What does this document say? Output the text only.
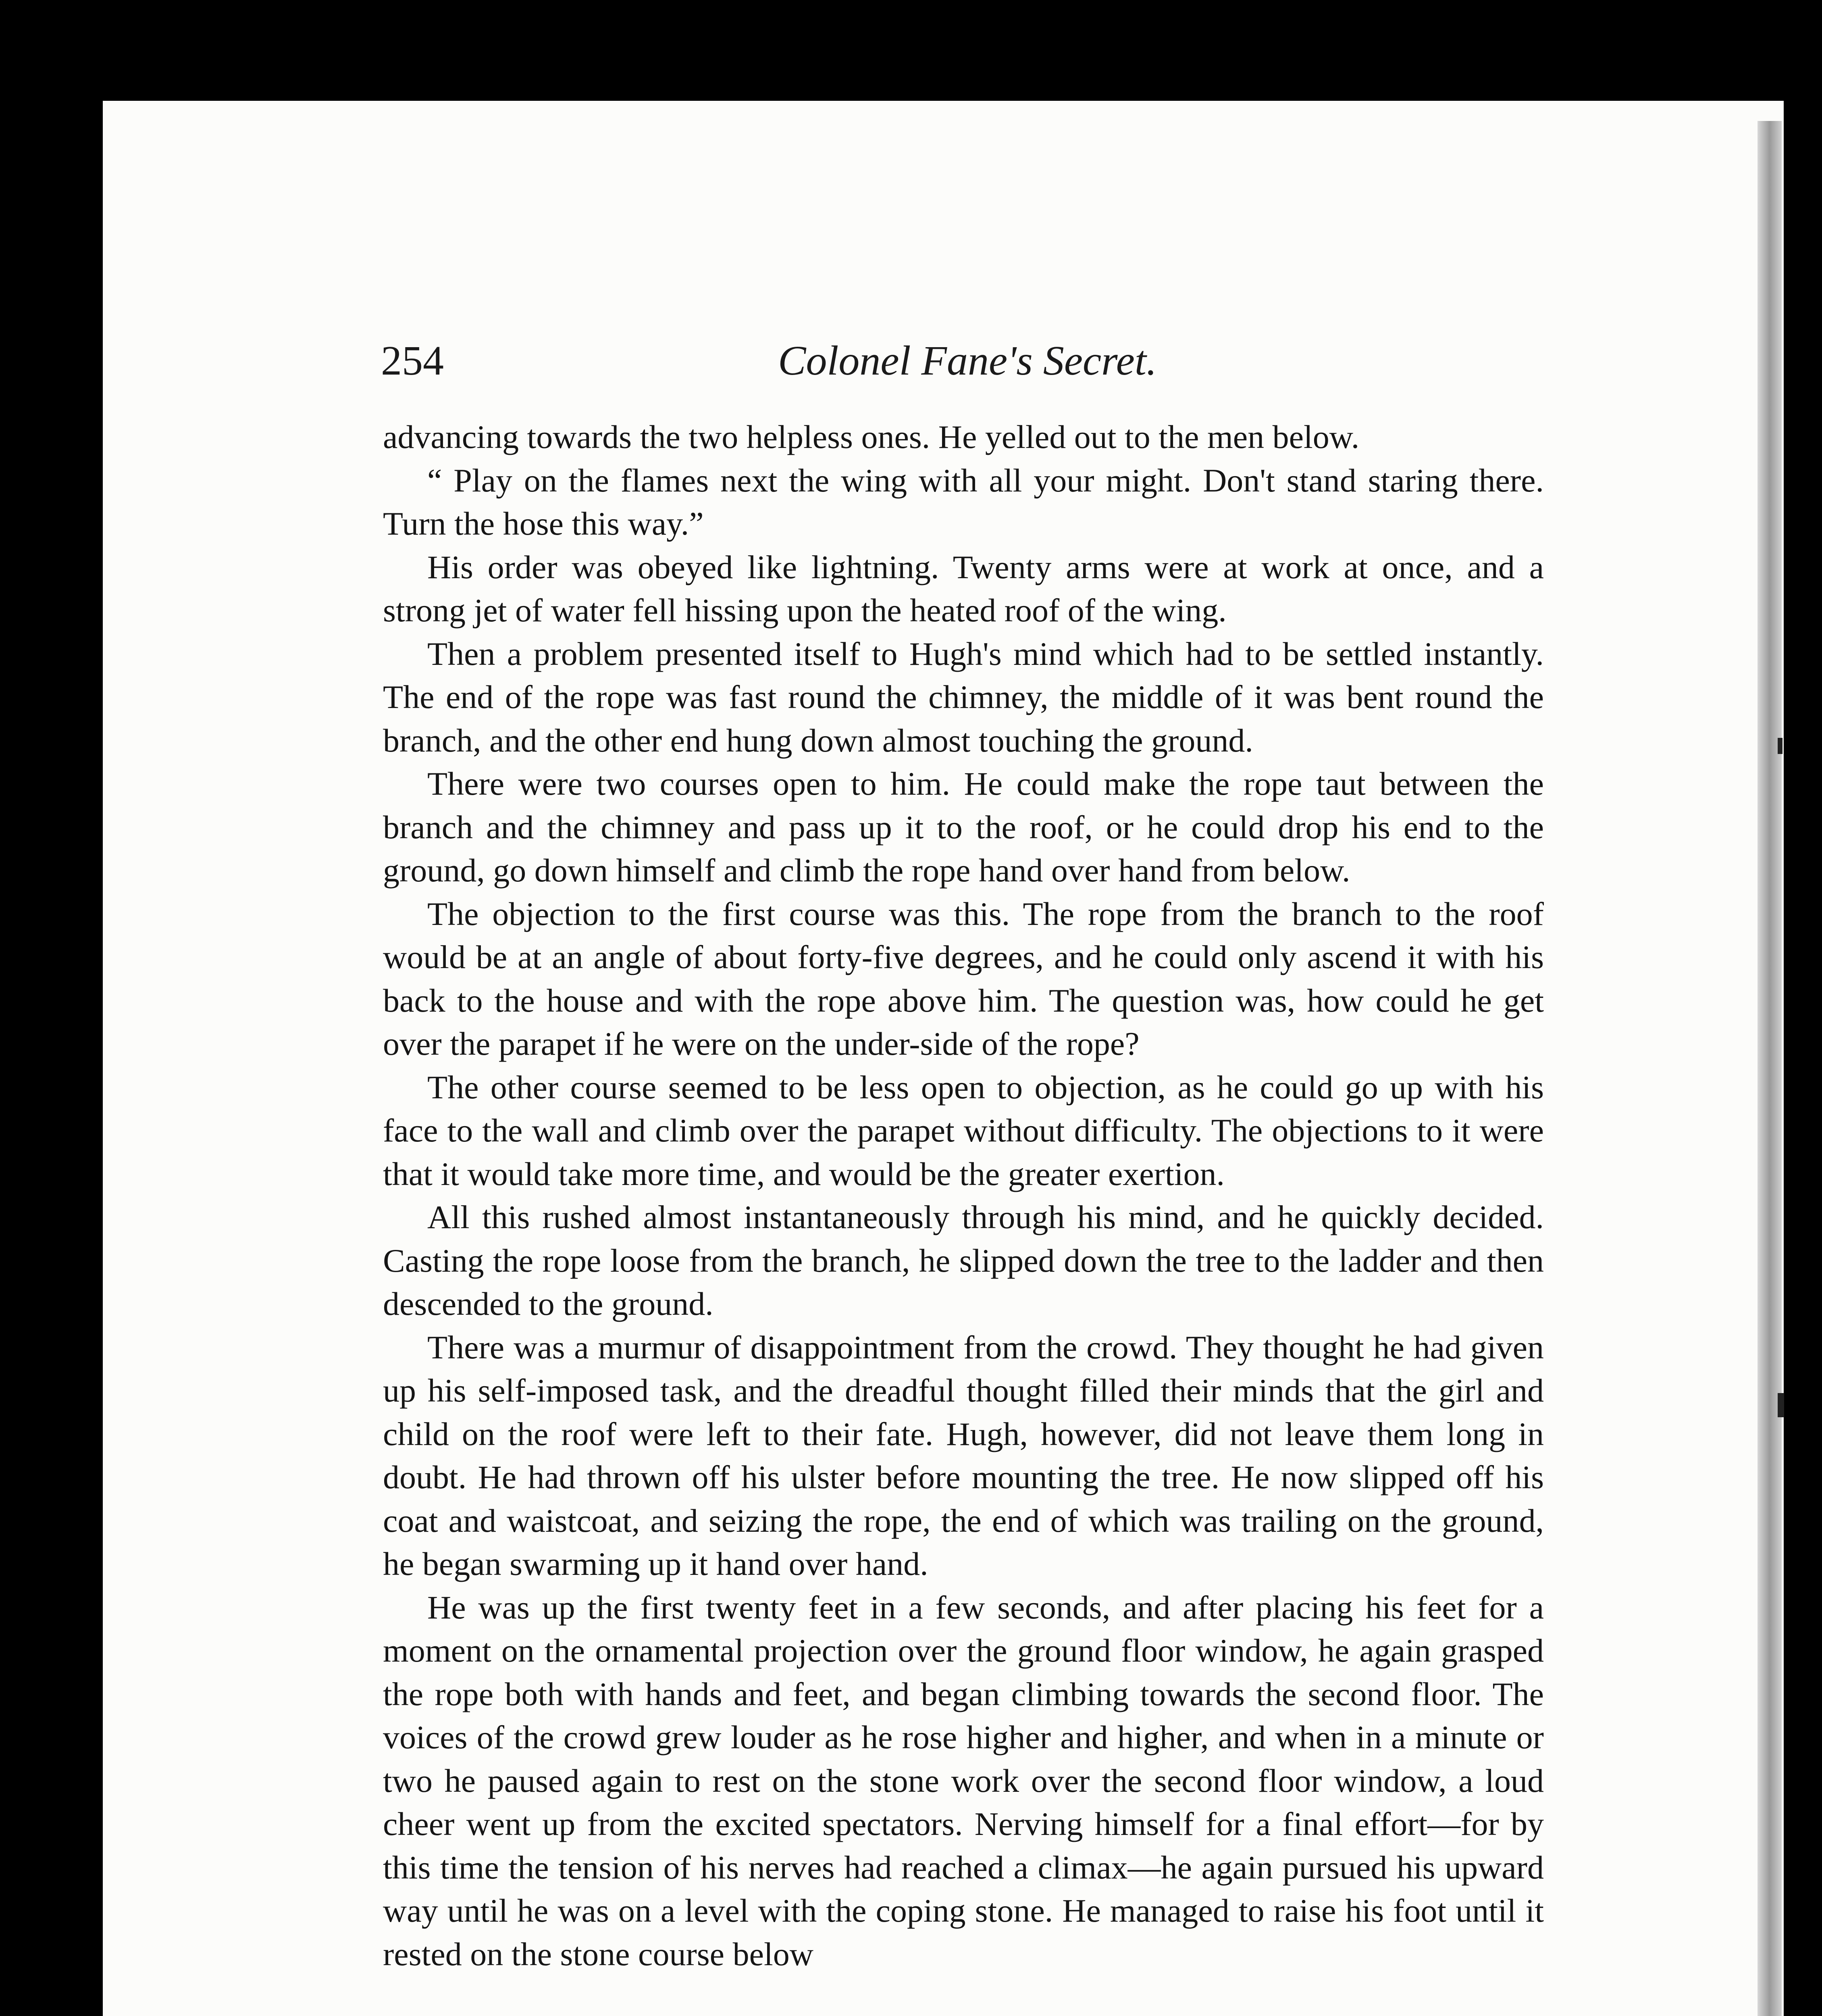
254	Colonel Fane's Secret.

advancing towards the two helpless ones. He yelled out to the men below.

“ Play on the flames next the wing with all your might. Don't stand staring there. Turn the hose this way.”

His order was obeyed like lightning. Twenty arms were at work at once, and a strong jet of water fell hissing upon the heated roof of the wing.

Then a problem presented itself to Hugh's mind which had to be settled instantly. The end of the rope was fast round the chimney, the middle of it was bent round the branch, and the other end hung down almost touching the ground.

There were two courses open to him. He could make the rope taut between the branch and the chimney and pass up it to the roof, or he could drop his end to the ground, go down himself and climb the rope hand over hand from below.

The objection to the first course was this. The rope from the branch to the roof would be at an angle of about forty-five degrees, and he could only ascend it with his back to the house and with the rope above him. The question was, how could he get over the parapet if he were on the under-side of the rope?

The other course seemed to be less open to objection, as he could go up with his face to the wall and climb over the parapet without difficulty. The objections to it were that it would take more time, and would be the greater exertion.

All this rushed almost instantaneously through his mind, and he quickly decided. Casting the rope loose from the branch, he slipped down the tree to the ladder and then descended to the ground.

There was a murmur of disappointment from the crowd. They thought he had given up his self-imposed task, and the dreadful thought filled their minds that the girl and child on the roof were left to their fate. Hugh, however, did not leave them long in doubt. He had thrown off his ulster before mounting the tree. He now slipped off his coat and waistcoat, and seizing the rope, the end of which was trailing on the ground, he began swarming up it hand over hand.

He was up the first twenty feet in a few seconds, and after placing his feet for a moment on the ornamental projection over the ground floor window, he again grasped the rope both with hands and feet, and began climbing towards the second floor. The voices of the crowd grew louder as he rose higher and higher, and when in a minute or two he paused again to rest on the stone work over the second floor window, a loud cheer went up from the excited spectators. Nerving himself for a final effort—for by this time the tension of his nerves had reached a climax—he again pursued his upward way until he was on a level with the coping stone. He managed to raise his foot until it rested on the stone course below
